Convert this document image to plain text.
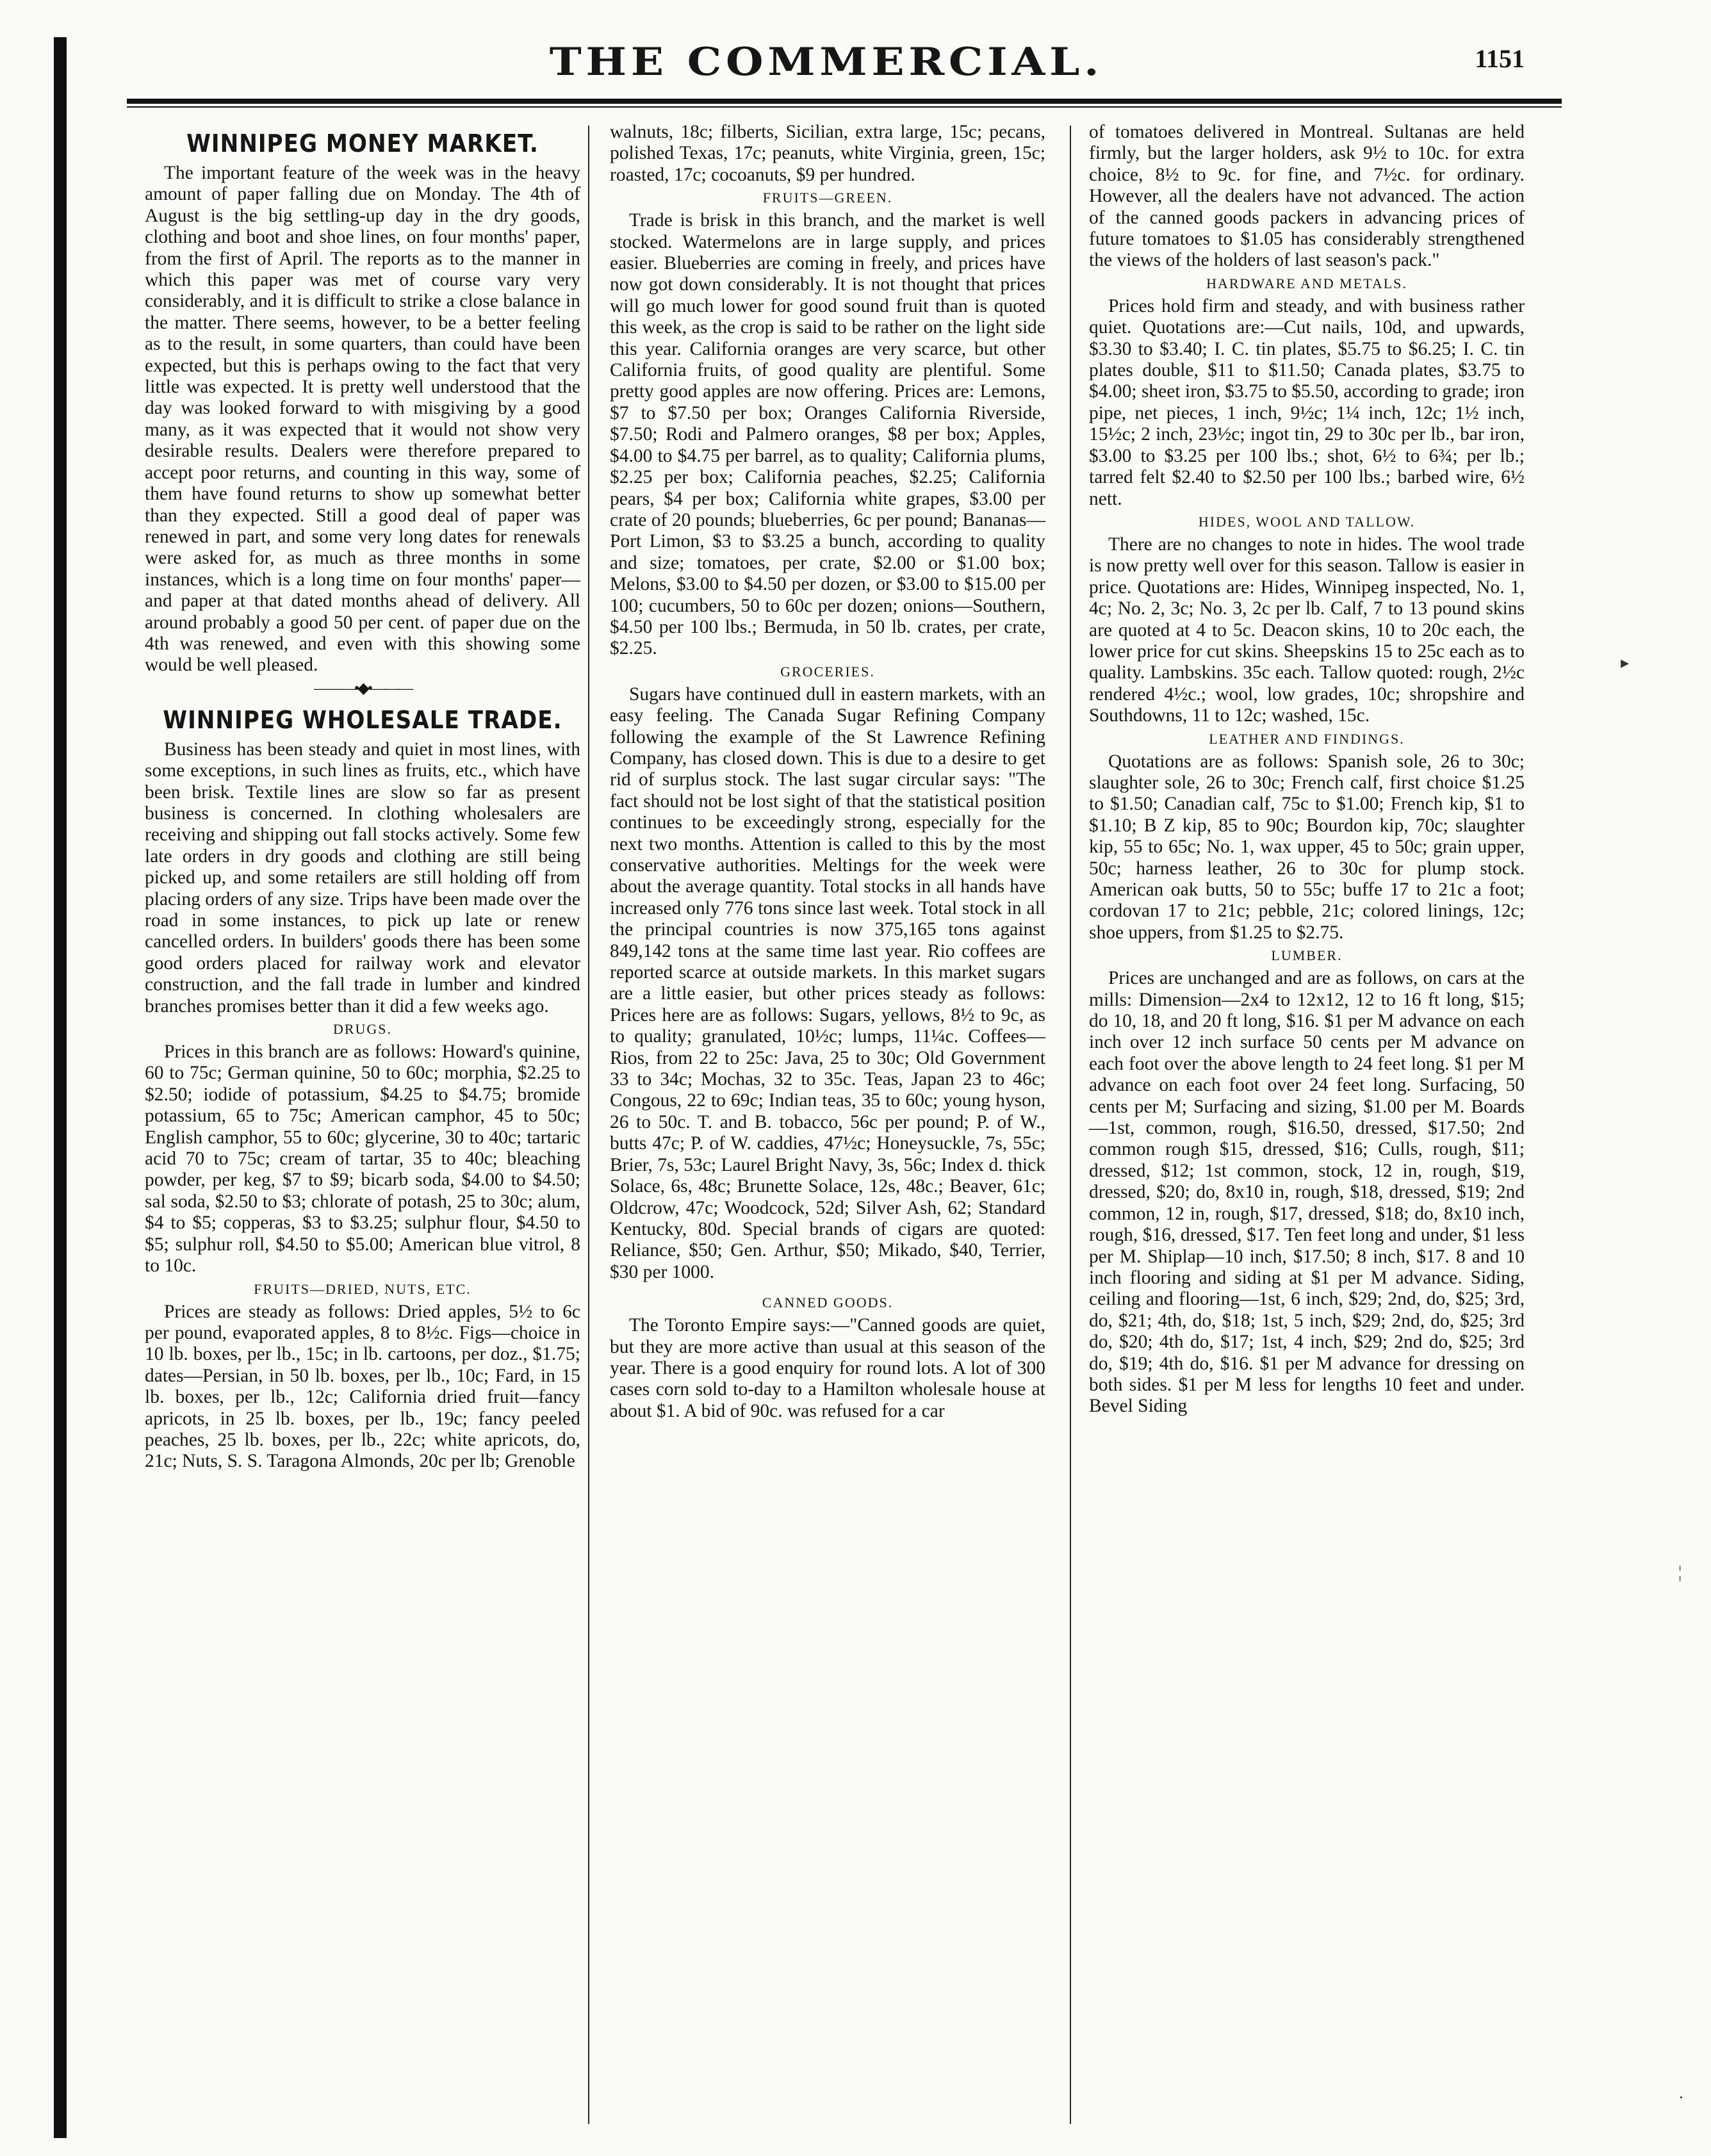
THE COMMERCIAL.	1151
WINNIPEG MONEY MARKET.

The important feature of the week was in the heavy amount of paper falling due on Monday. The 4th of August is the big settling-up day in the dry goods, clothing and boot and shoe lines, on four months' paper, from the first of April. The reports as to the manner in which this paper was met of course vary very considerably, and it is difficult to strike a close balance in the matter. There seems, however, to be a better feeling as to the result, in some quarters, than could have been expected, but this is perhaps owing to the fact that very little was expected. It is pretty well understood that the day was looked forward to with misgiving by a good many, as it was expected that it would not show very desirable results. Dealers were therefore prepared to accept poor returns, and counting in this way, some of them have found returns to show up somewhat better than they expected. Still a good deal of paper was renewed in part, and some very long dates for renewals were asked for, as much as three months in some instances, which is a long time on four months' paper—and paper at that dated months ahead of delivery. All around probably a good 50 per cent. of paper due on the 4th was renewed, and even with this showing some would be well pleased.

———•◆•———
WINNIPEG WHOLESALE TRADE.

Business has been steady and quiet in most lines, with some exceptions, in such lines as fruits, etc., which have been brisk. Textile lines are slow so far as present business is concerned. In clothing wholesalers are receiving and shipping out fall stocks actively. Some few late orders in dry goods and clothing are still being picked up, and some retailers are still holding off from placing orders of any size. Trips have been made over the road in some instances, to pick up late or renew cancelled orders. In builders' goods there has been some good orders placed for railway work and elevator construction, and the fall trade in lumber and kindred branches promises better than it did a few weeks ago.

DRUGS.

Prices in this branch are as follows: Howard's quinine, 60 to 75c; German quinine, 50 to 60c; morphia, $2.25 to $2.50; iodide of potassium, $4.25 to $4.75; bromide potassium, 65 to 75c; American camphor, 45 to 50c; English camphor, 55 to 60c; glycerine, 30 to 40c; tartaric acid 70 to 75c; cream of tartar, 35 to 40c; bleaching powder, per keg, $7 to $9; bicarb soda, $4.00 to $4.50; sal soda, $2.50 to $3; chlorate of potash, 25 to 30c; alum, $4 to $5; copperas, $3 to $3.25; sulphur flour, $4.50 to $5; sulphur roll, $4.50 to $5.00; American blue vitrol, 8 to 10c.

FRUITS—DRIED, NUTS, ETC.

Prices are steady as follows: Dried apples, 5½ to 6c per pound, evaporated apples, 8 to 8½c. Figs—choice in 10 lb. boxes, per lb., 15c; in lb. cartoons, per doz., $1.75; dates—Persian, in 50 lb. boxes, per lb., 10c; Fard, in 15 lb. boxes, per lb., 12c; California dried fruit—fancy apricots, in 25 lb. boxes, per lb., 19c; fancy peeled peaches, 25 lb. boxes, per lb., 22c; white apricots, do, 21c; Nuts, S. S. Taragona Almonds, 20c per lb; Grenoble

walnuts, 18c; filberts, Sicilian, extra large, 15c; pecans, polished Texas, 17c; peanuts, white Virginia, green, 15c; roasted, 17c; cocoanuts, $9 per hundred.

FRUITS—GREEN.

Trade is brisk in this branch, and the market is well stocked. Watermelons are in large supply, and prices easier. Blueberries are coming in freely, and prices have now got down considerably. It is not thought that prices will go much lower for good sound fruit than is quoted this week, as the crop is said to be rather on the light side this year. California oranges are very scarce, but other California fruits, of good quality are plentiful. Some pretty good apples are now offering. Prices are: Lemons, $7 to $7.50 per box; Oranges California Riverside, $7.50; Rodi and Palmero oranges, $8 per box; Apples, $4.00 to $4.75 per barrel, as to quality; California plums, $2.25 per box; California peaches, $2.25; California pears, $4 per box; California white grapes, $3.00 per crate of 20 pounds; blueberries, 6c per pound; Bananas—Port Limon, $3 to $3.25 a bunch, according to quality and size; tomatoes, per crate, $2.00 or $1.00 box; Melons, $3.00 to $4.50 per dozen, or $3.00 to $15.00 per 100; cucumbers, 50 to 60c per dozen; onions—Southern, $4.50 per 100 lbs.; Bermuda, in 50 lb. crates, per crate, $2.25.

GROCERIES.

Sugars have continued dull in eastern markets, with an easy feeling. The Canada Sugar Refining Company following the example of the St Lawrence Refining Company, has closed down. This is due to a desire to get rid of surplus stock. The last sugar circular says: "The fact should not be lost sight of that the statistical position continues to be exceedingly strong, especially for the next two months. Attention is called to this by the most conservative authorities. Meltings for the week were about the average quantity. Total stocks in all hands have increased only 776 tons since last week. Total stock in all the principal countries is now 375,165 tons against 849,142 tons at the same time last year. Rio coffees are reported scarce at outside markets. In this market sugars are a little easier, but other prices steady as follows: Prices here are as follows: Sugars, yellows, 8½ to 9c, as to quality; granulated, 10½c; lumps, 11¼c. Coffees—Rios, from 22 to 25c: Java, 25 to 30c; Old Government 33 to 34c; Mochas, 32 to 35c. Teas, Japan 23 to 46c; Congous, 22 to 69c; Indian teas, 35 to 60c; young hyson, 26 to 50c. T. and B. tobacco, 56c per pound; P. of W., butts 47c; P. of W. caddies, 47½c; Honeysuckle, 7s, 55c; Brier, 7s, 53c; Laurel Bright Navy, 3s, 56c; Index d. thick Solace, 6s, 48c; Brunette Solace, 12s, 48c.; Beaver, 61c; Oldcrow, 47c; Woodcock, 52d; Silver Ash, 62; Standard Kentucky, 80d. Special brands of cigars are quoted: Reliance, $50; Gen. Arthur, $50; Mikado, $40, Terrier, $30 per 1000.

CANNED GOODS.

The Toronto Empire says:—"Canned goods are quiet, but they are more active than usual at this season of the year. There is a good enquiry for round lots. A lot of 300 cases corn sold to-day to a Hamilton wholesale house at about $1. A bid of 90c. was refused for a car

of tomatoes delivered in Montreal. Sultanas are held firmly, but the larger holders, ask 9½ to 10c. for extra choice, 8½ to 9c. for fine, and 7½c. for ordinary. However, all the dealers have not advanced. The action of the canned goods packers in advancing prices of future tomatoes to $1.05 has considerably strengthened the views of the holders of last season's pack."

HARDWARE AND METALS.

Prices hold firm and steady, and with business rather quiet. Quotations are:—Cut nails, 10d, and upwards, $3.30 to $3.40; I. C. tin plates, $5.75 to $6.25; I. C. tin plates double, $11 to $11.50; Canada plates, $3.75 to $4.00; sheet iron, $3.75 to $5.50, according to grade; iron pipe, net pieces, 1 inch, 9½c; 1¼ inch, 12c; 1½ inch, 15½c; 2 inch, 23½c; ingot tin, 29 to 30c per lb., bar iron, $3.00 to $3.25 per 100 lbs.; shot, 6½ to 6¾; per lb.; tarred felt $2.40 to $2.50 per 100 lbs.; barbed wire, 6½ nett.

HIDES, WOOL AND TALLOW.

There are no changes to note in hides. The wool trade is now pretty well over for this season. Tallow is easier in price. Quotations are: Hides, Winnipeg inspected, No. 1, 4c; No. 2, 3c; No. 3, 2c per lb. Calf, 7 to 13 pound skins are quoted at 4 to 5c. Deacon skins, 10 to 20c each, the lower price for cut skins. Sheepskins 15 to 25c each as to quality. Lambskins. 35c each. Tallow quoted: rough, 2½c rendered 4½c.; wool, low grades, 10c; shropshire and Southdowns, 11 to 12c; washed, 15c.

LEATHER AND FINDINGS.

Quotations are as follows: Spanish sole, 26 to 30c; slaughter sole, 26 to 30c; French calf, first choice $1.25 to $1.50; Canadian calf, 75c to $1.00; French kip, $1 to $1.10; B Z kip, 85 to 90c; Bourdon kip, 70c; slaughter kip, 55 to 65c; No. 1, wax upper, 45 to 50c; grain upper, 50c; harness leather, 26 to 30c for plump stock. American oak butts, 50 to 55c; buffe 17 to 21c a foot; cordovan 17 to 21c; pebble, 21c; colored linings, 12c; shoe uppers, from $1.25 to $2.75.

LUMBER.

Prices are unchanged and are as follows, on cars at the mills: Dimension—2x4 to 12x12, 12 to 16 ft long, $15; do 10, 18, and 20 ft long, $16. $1 per M advance on each inch over 12 inch surface 50 cents per M advance on each foot over the above length to 24 feet long. $1 per M advance on each foot over 24 feet long. Surfacing, 50 cents per M; Surfacing and sizing, $1.00 per M. Boards—1st, common, rough, $16.50, dressed, $17.50; 2nd common rough $15, dressed, $16; Culls, rough, $11; dressed, $12; 1st common, stock, 12 in, rough, $19, dressed, $20; do, 8x10 in, rough, $18, dressed, $19; 2nd common, 12 in, rough, $17, dressed, $18; do, 8x10 inch, rough, $16, dressed, $17. Ten feet long and under, $1 less per M. Shiplap—10 inch, $17.50; 8 inch, $17. 8 and 10 inch flooring and siding at $1 per M advance. Siding, ceiling and flooring—1st, 6 inch, $29; 2nd, do, $25; 3rd, do, $21; 4th, do, $18; 1st, 5 inch, $29; 2nd, do, $25; 3rd do, $20; 4th do, $17; 1st, 4 inch, $29; 2nd do, $25; 3rd do, $19; 4th do, $16. $1 per M advance for dressing on both sides. $1 per M less for lengths 10 feet and under. Bevel Siding

▸
¦
·
